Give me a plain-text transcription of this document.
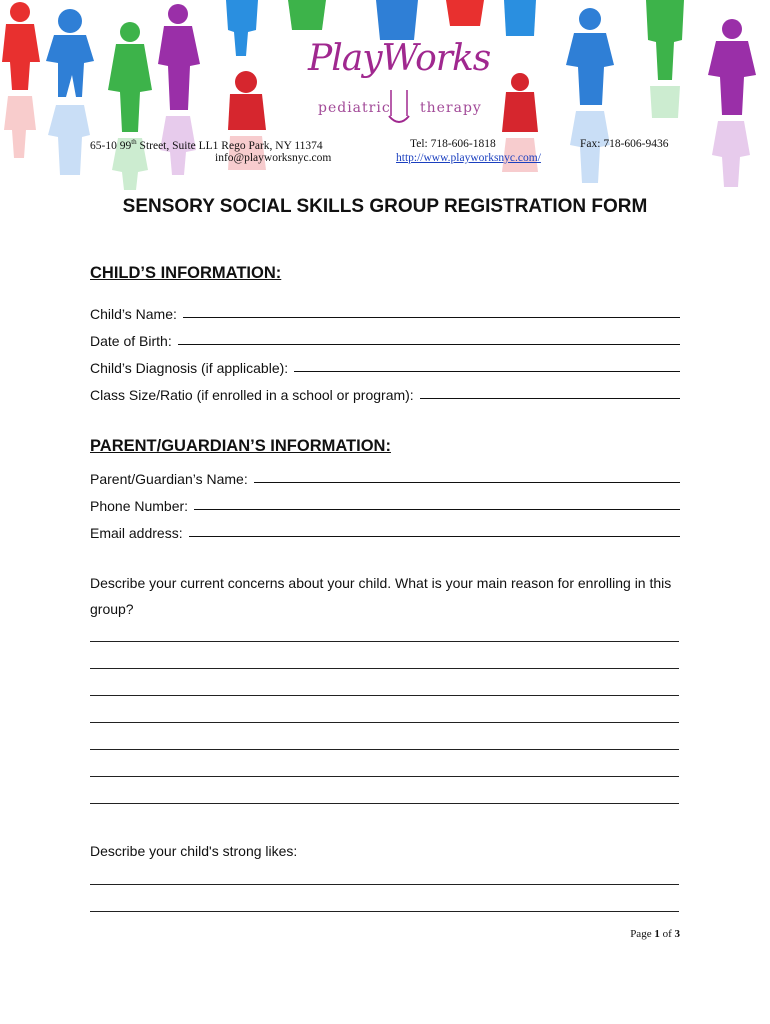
PlayWorks
pediatric therapy
65-10 99th Street, Suite LL1 Rego Park, NY 11374
info@playworksnyc.com
Tel: 718-606-1818
http://www.playworksnyc.com/
Fax: 718-606-9436
SENSORY SOCIAL SKILLS GROUP REGISTRATION FORM
CHILD’S INFORMATION:
Child’s Name:
Date of Birth:
Child’s Diagnosis (if applicable):
Class Size/Ratio (if enrolled in a school or program):
PARENT/GUARDIAN’S INFORMATION:
Parent/Guardian’s Name:
Phone Number:
Email address:
Describe your current concerns about your child. What is your main reason for enrolling in this group?
Describe your child's strong likes:
Page 1 of 3
